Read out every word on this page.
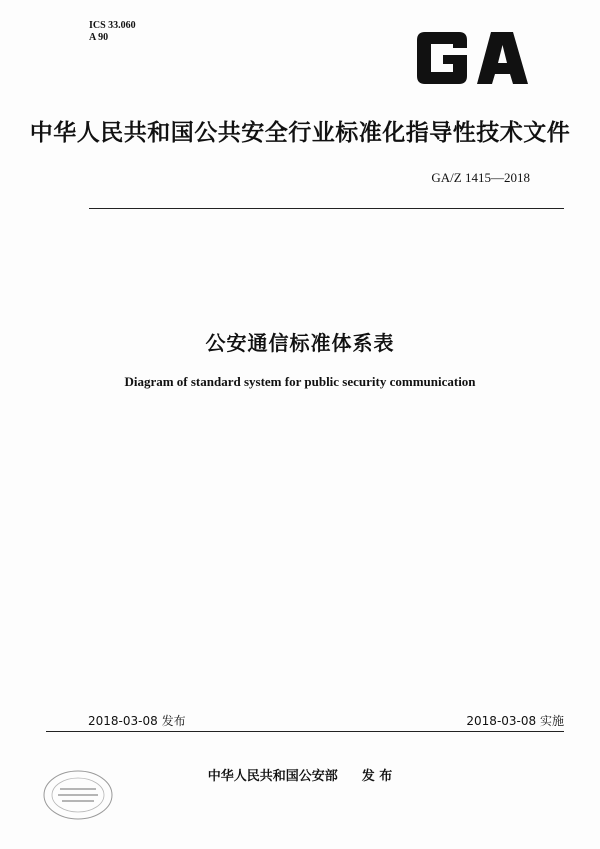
ICS 33.060
A 90
中华人民共和国公共安全行业标准化指导性技术文件
GA/Z 1415—2018
公安通信标准体系表
Diagram of standard system for public security communication
2018-03-08 发布	2018-03-08 实施
中华人民共和国公安部 发 布
